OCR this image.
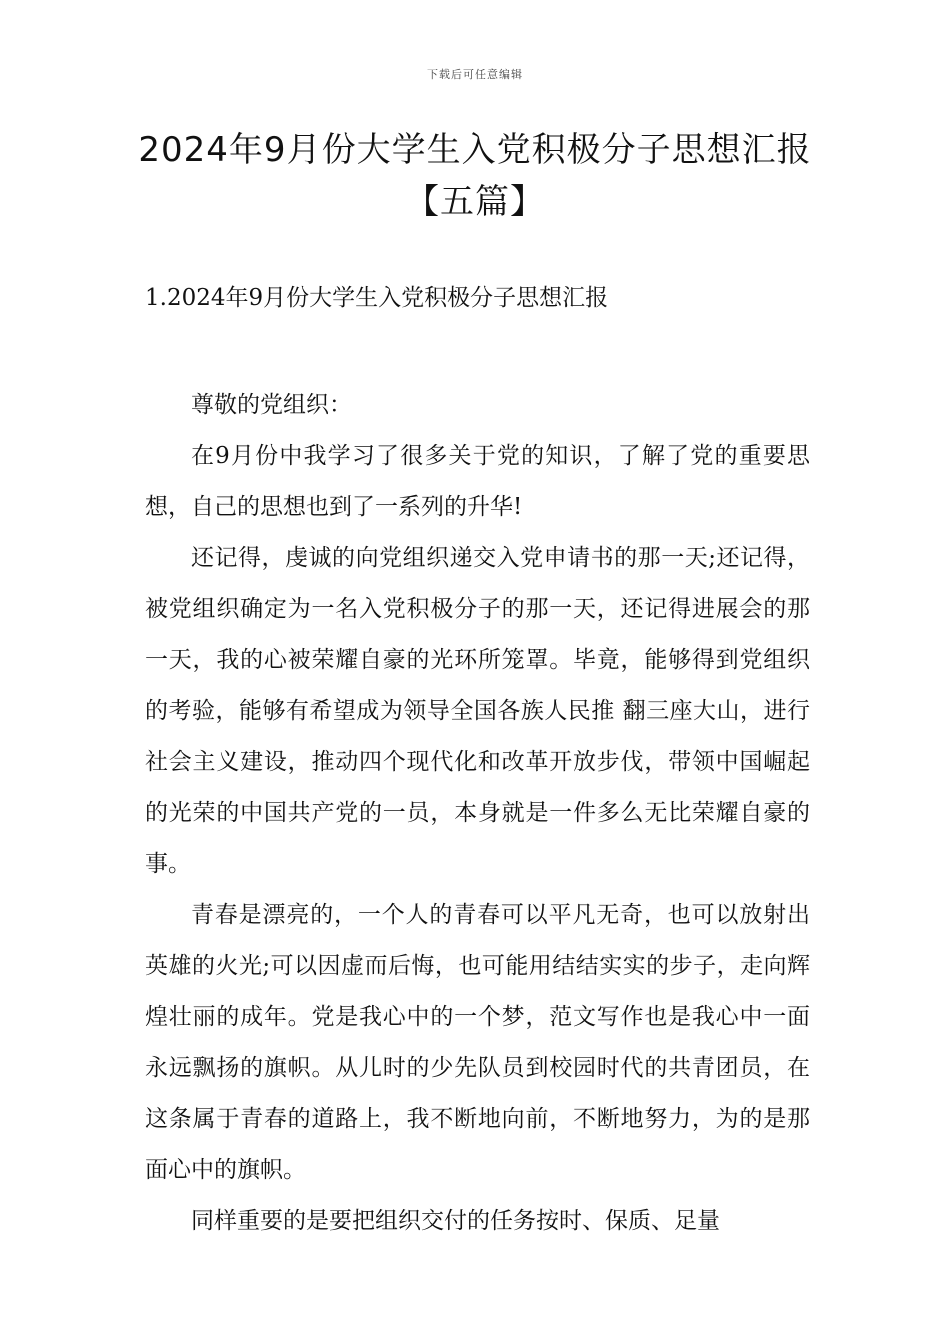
下载后可任意编辑
2024年9月份大学生入党积极分子思想汇报【五篇】
1.2024年9月份大学生入党积极分子思想汇报

尊敬的党组织：

在9月份中我学习了很多关于党的知识，了解了党的重要思想，自己的思想也到了一系列的升华!

还记得，虔诚的向党组织递交入党申请书的那一天;还记得，被党组织确定为一名入党积极分子的那一天，还记得进展会的那一天，我的心被荣耀自豪的光环所笼罩。毕竟，能够得到党组织的考验，能够有希望成为领导全国各族人民推 翻三座大山，进行社会主义建设，推动四个现代化和改革开放步伐，带领中国崛起的光荣的中国共产党的一员，本身就是一件多么无比荣耀自豪的事。

青春是漂亮的，一个人的青春可以平凡无奇，也可以放射出英雄的火光;可以因虚而后悔，也可能用结结实实的步子，走向辉煌壮丽的成年。党是我心中的一个梦，范文写作也是我心中一面永远飘扬的旗帜。从儿时的少先队员到校园时代的共青团员，在这条属于青春的道路上，我不断地向前，不断地努力，为的是那面心中的旗帜。

同样重要的是要把组织交付的任务按时、保质、足量
